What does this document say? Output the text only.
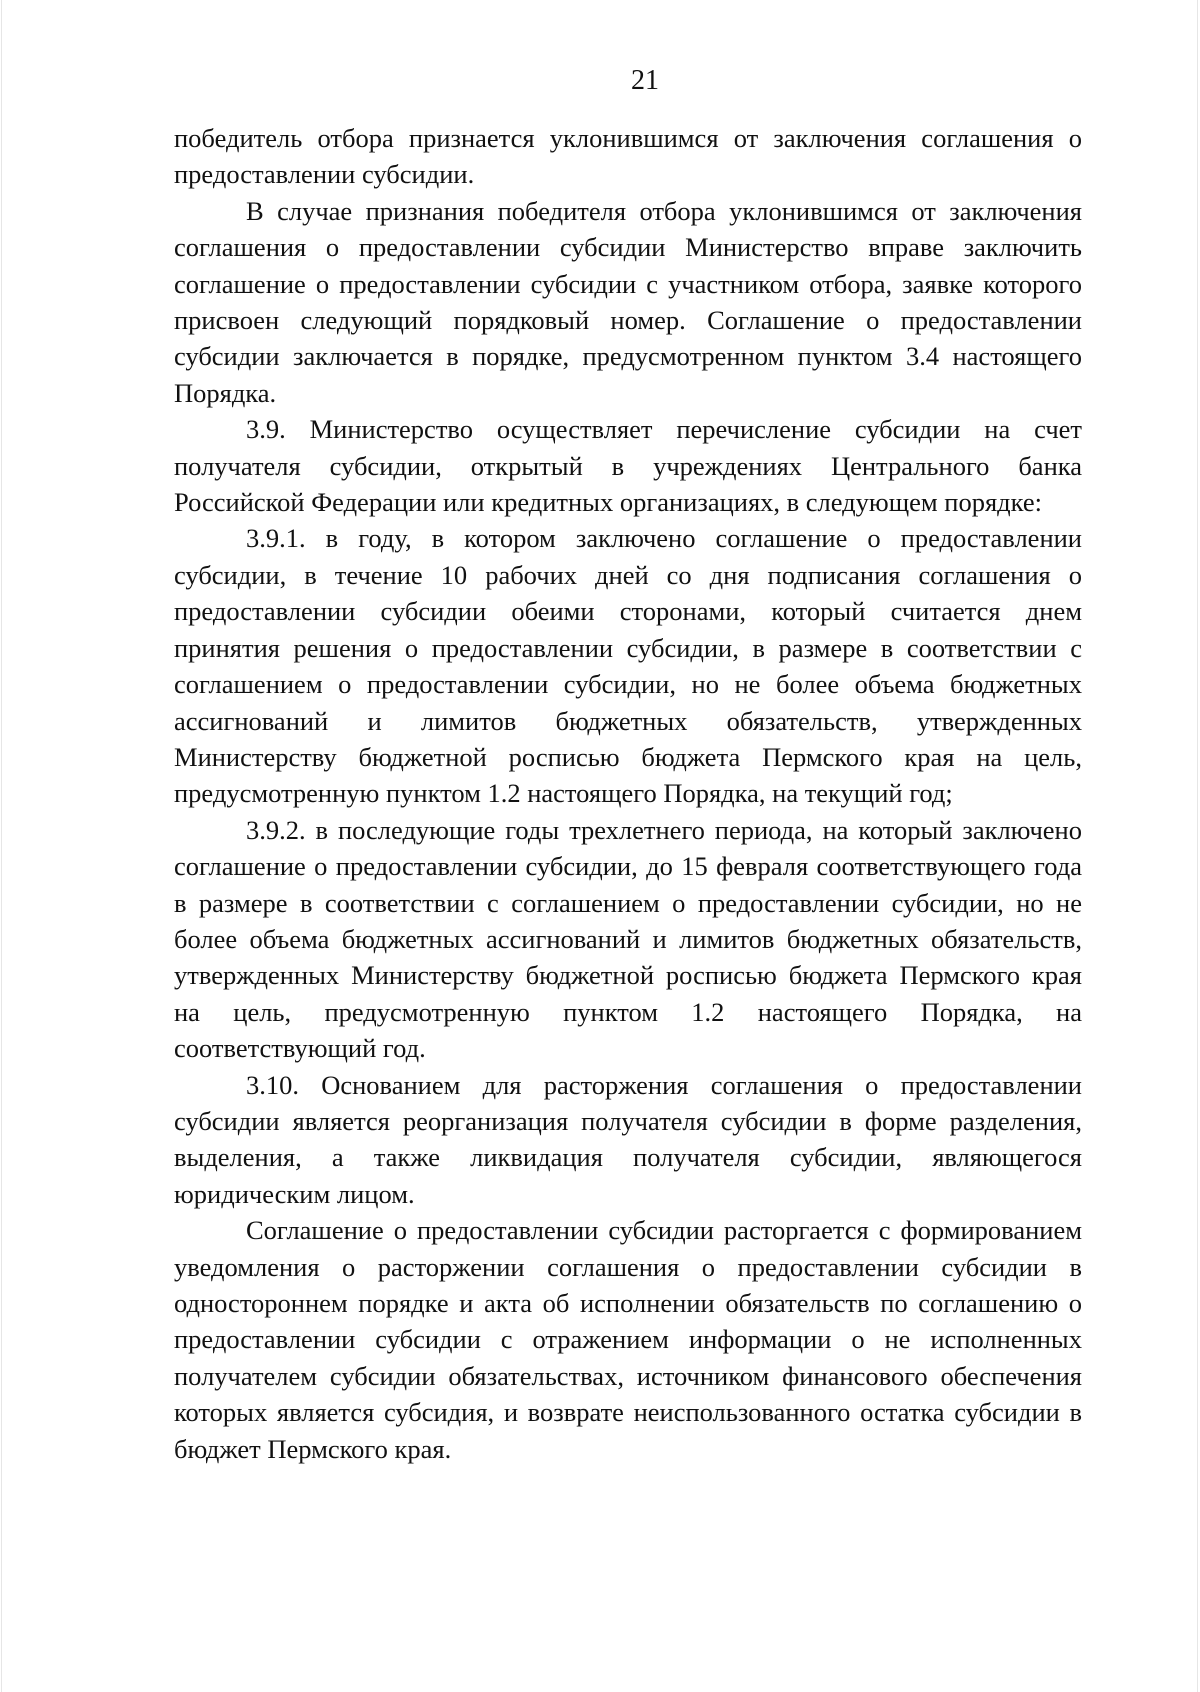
21

победитель отбора признается уклонившимся от заключения соглашения о предоставлении субсидии.

В случае признания победителя отбора уклонившимся от заключения соглашения о предоставлении субсидии Министерство вправе заключить соглашение о предоставлении субсидии с участником отбора, заявке которого присвоен следующий порядковый номер. Соглашение о предоставлении субсидии заключается в порядке, предусмотренном пунктом 3.4 настоящего Порядка.

3.9. Министерство осуществляет перечисление субсидии на счет получателя субсидии, открытый в учреждениях Центрального банка Российской Федерации или кредитных организациях, в следующем порядке:

3.9.1. в году, в котором заключено соглашение о предоставлении субсидии, в течение 10 рабочих дней со дня подписания соглашения о предоставлении субсидии обеими сторонами, который считается днем принятия решения о предоставлении субсидии, в размере в соответствии с соглашением о предоставлении субсидии, но не более объема бюджетных ассигнований и лимитов бюджетных обязательств, утвержденных Министерству бюджетной росписью бюджета Пермского края на цель, предусмотренную пунктом 1.2 настоящего Порядка, на текущий год;

3.9.2. в последующие годы трехлетнего периода, на который заключено соглашение о предоставлении субсидии, до 15 февраля соответствующего года в размере в соответствии с соглашением о предоставлении субсидии, но не более объема бюджетных ассигнований и лимитов бюджетных обязательств, утвержденных Министерству бюджетной росписью бюджета Пермского края на цель, предусмотренную пунктом 1.2 настоящего Порядка, на соответствующий год.

3.10. Основанием для расторжения соглашения о предоставлении субсидии является реорганизация получателя субсидии в форме разделения, выделения, а также ликвидация получателя субсидии, являющегося юридическим лицом.

Соглашение о предоставлении субсидии расторгается с формированием уведомления о расторжении соглашения о предоставлении субсидии в одностороннем порядке и акта об исполнении обязательств по соглашению о предоставлении субсидии с отражением информации о не исполненных получателем субсидии обязательствах, источником финансового обеспечения которых является субсидия, и возврате неиспользованного остатка субсидии в бюджет Пермского края.
